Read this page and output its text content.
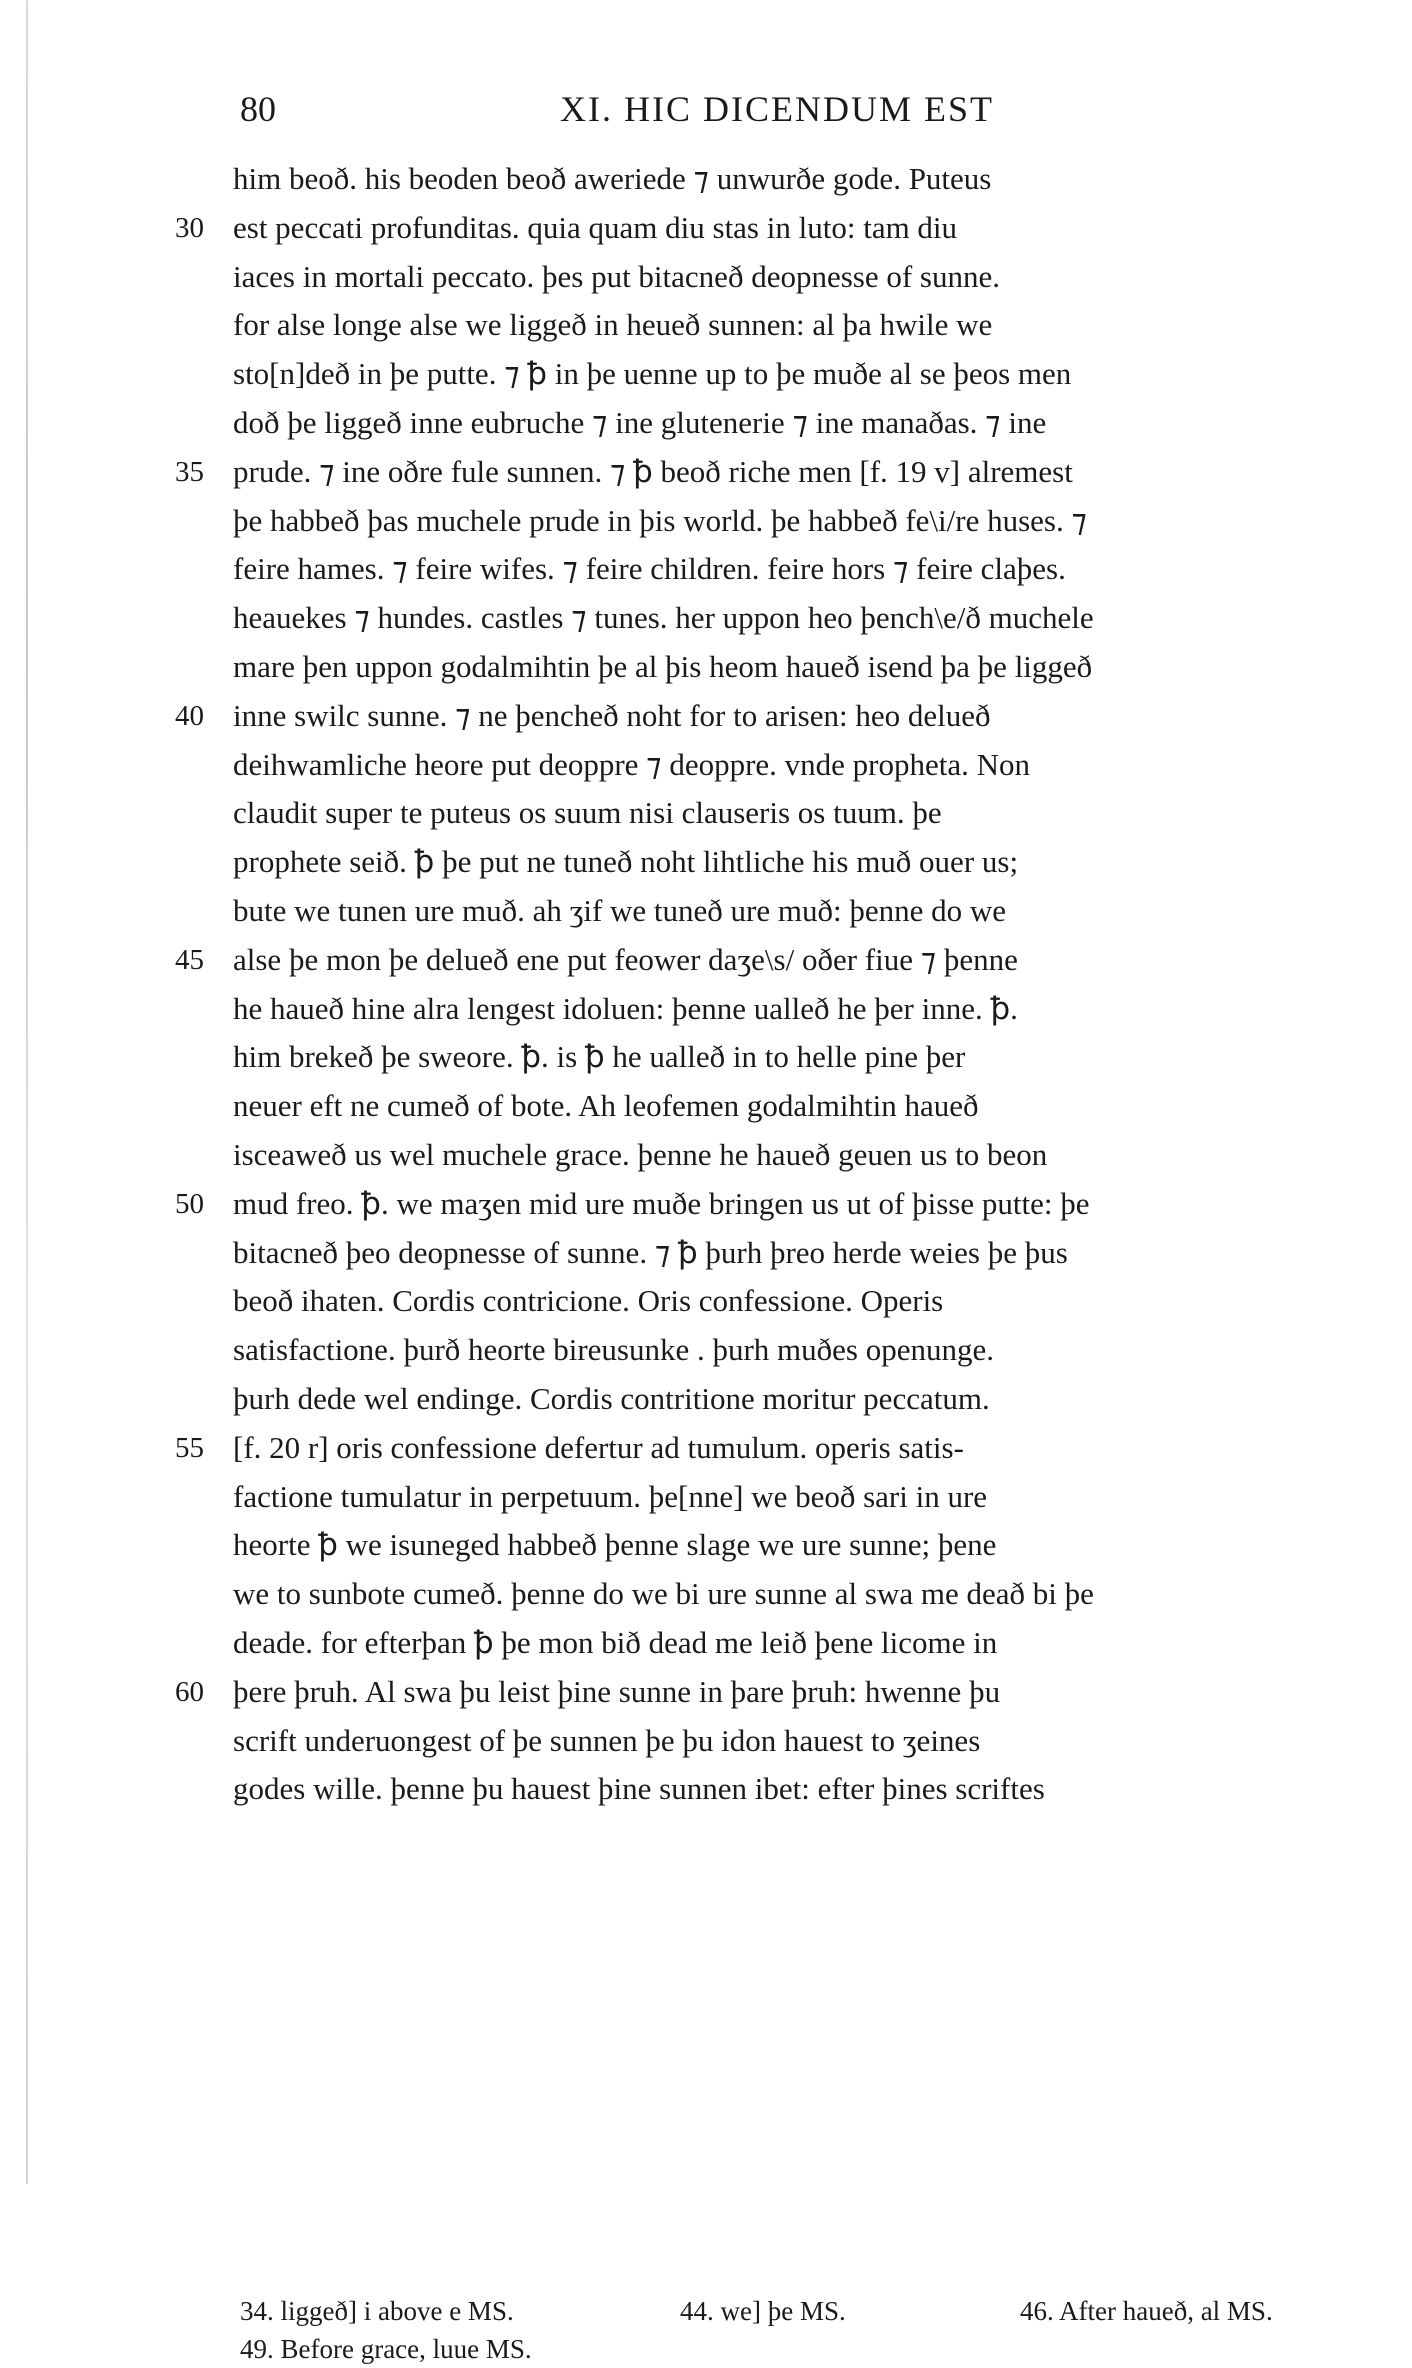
80	XI. HIC DICENDUM EST
him beoð. his beoden beoð aweriede ⁊ unwurðe gode. Puteus
30 est peccati profunditas. quia quam diu stas in luto: tam diu
iaces in mortali peccato. þes put bitacneð deopnesse of sunne.
for alse longe alse we liggeð in heueð sunnen: al þa hwile we
sto[n]deð in þe putte. ⁊ ꝥ in þe uenne up to þe muðe al se þeos men
doð þe liggeð inne eubruche ⁊ ine glutenerie ⁊ ine manaðas. ⁊ ine
35 prude. ⁊ ine oðre fule sunnen. ⁊ ꝥ beoð riche men [f. 19 v] alremest
þe habbeð þas muchele prude in þis world. þe habbeð fe\i/re huses. ⁊
feire hames. ⁊ feire wifes. ⁊ feire children. feire hors ⁊ feire claþes.
heauekes ⁊ hundes. castles ⁊ tunes. her uppon heo þench\e/ð muchele
mare þen uppon godalmihtin þe al þis heom haueð isend þa þe liggeð
40 inne swilc sunne. ⁊ ne þencheð noht for to arisen: heo delueð
deihwamliche heore put deoppre ⁊ deoppre. vnde propheta. Non
claudit super te puteus os suum nisi clauseris os tuum. þe
prophete seið. ꝥ þe put ne tuneð noht lihtliche his muð ouer us;
bute we tunen ure muð. ah ʒif we tuneð ure muð: þenne do we
45 alse þe mon þe delueð ene put feower daʒe\s/ oðer fiue ⁊ þenne
he haueð hine alra lengest idoluen: þenne ualleð he þer inne. ꝥ.
him brekeð þe sweore. ꝥ. is ꝥ he ualleð in to helle pine þer
neuer eft ne cumeð of bote. Ah leofemen godalmihtin haueð
isceaweð us wel muchele grace. þenne he haueð geuen us to beon
50 mud freo. ꝥ. we maʒen mid ure muðe bringen us ut of þisse putte: þe
bitacneð þeo deopnesse of sunne. ⁊ ꝥ þurh þreo herde weies þe þus
beoð ihaten. Cordis contricione. Oris confessione. Operis
satisfactione. þurð heorte bireusunke . þurh muðes openunge.
þurh dede wel endinge. Cordis contritione moritur peccatum.
55 [f. 20 r] oris confessione defertur ad tumulum. operis satis-
factione tumulatur in perpetuum. þe[nne] we beoð sari in ure
heorte ꝥ we isuneged habbeð þenne slage we ure sunne; þene
we to sunbote cumeð. þenne do we bi ure sunne al swa me deað bi þe
deade. for efterþan ꝥ þe mon bið dead me leið þene licome in
60 þere þruh. Al swa þu leist þine sunne in þare þruh: hwenne þu
scrift underuongest of þe sunnen þe þu idon hauest to ʒeines
godes wille. þenne þu hauest þine sunnen ibet: efter þines scriftes
34. liggeð] i above e MS.	44. we] þe MS.	46. After haueð, al MS.
49. Before grace, luue MS.
